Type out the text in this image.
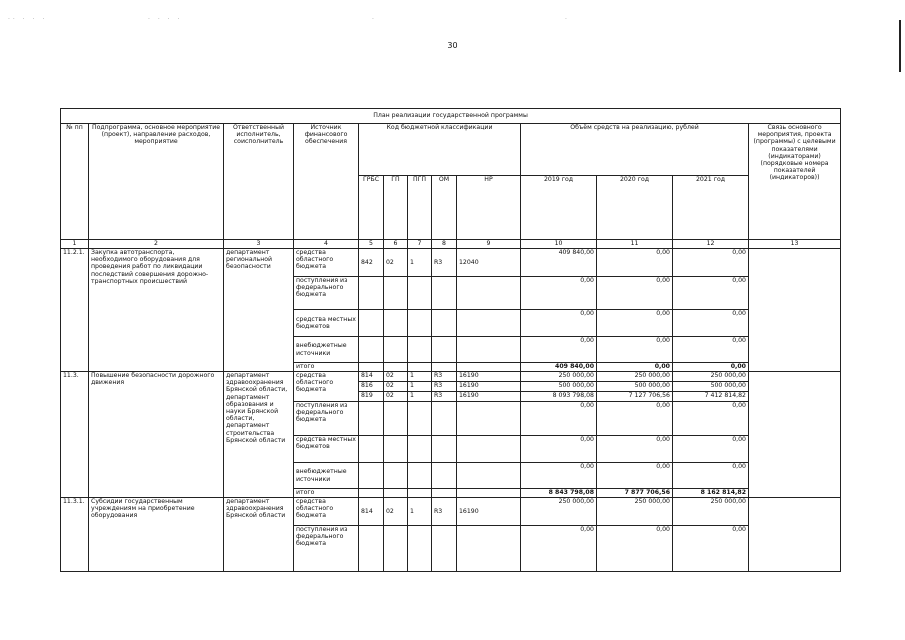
·· · · ·	· · · ·	·	·
30
План реализации государственной программы												
№ пп	Подпрограмма, основное мероприятие (проект), направление расходов, мероприятие	Ответственный исполнитель, соисполнитель	Источник финансового обеспечения	Код бюджетной классификации					Объём средств на реализацию, рублей			Связь основного мероприятия, проекта (программы) с целевыми показателями (индикаторами) (порядковые номера показателей (индикаторов))
				ГРБС	ГП	ПГП	ОМ	НР	2019 год	2020 год	2021 год	
1	2	3	4	5	6	7	8	9	10	11	12	13
11.2.1.	Закупка автотранспорта, необходимого оборудования для проведения работ по ликвидации последствий совершения дорожно-транспортных происшествий	департамент региональной безопасности	средства областного бюджета	842	02	1	R3	12040	409 840,00	0,00	0,00	
			поступления из федерального бюджета						0,00	0,00	0,00	
			средства местных бюджетов						0,00	0,00	0,00	
			внебюджетные источники						0,00	0,00	0,00	
			итого						409 840,00	0,00	0,00	
11.3.	Повышение безопасности дорожного движения	департамент здравоохранения Брянской области, департамент образования и науки Брянской области, департамент строительства Брянской области	средства областного бюджета	814	02	1	R3	16190	250 000,00	250 000,00	250 000,00	
				816	02	1	R3	16190	500 000,00	500 000,00	500 000,00	
				819	02	1	R3	16190	8 093 798,08	7 127 706,56	7 412 814,82	
			поступления из федерального бюджета						0,00	0,00	0,00	
			средства местных бюджетов						0,00	0,00	0,00	
			внебюджетные источники						0,00	0,00	0,00	
			итого						8 843 798,08	7 877 706,56	8 162 814,82	
11.3.1.	Субсидии государственным учреждениям на приобретение оборудования	департамент здравоохранения Брянской области	средства областного бюджета	814	02	1	R3	16190	250 000,00	250 000,00	250 000,00	
			поступления из федерального бюджета						0,00	0,00	0,00	
